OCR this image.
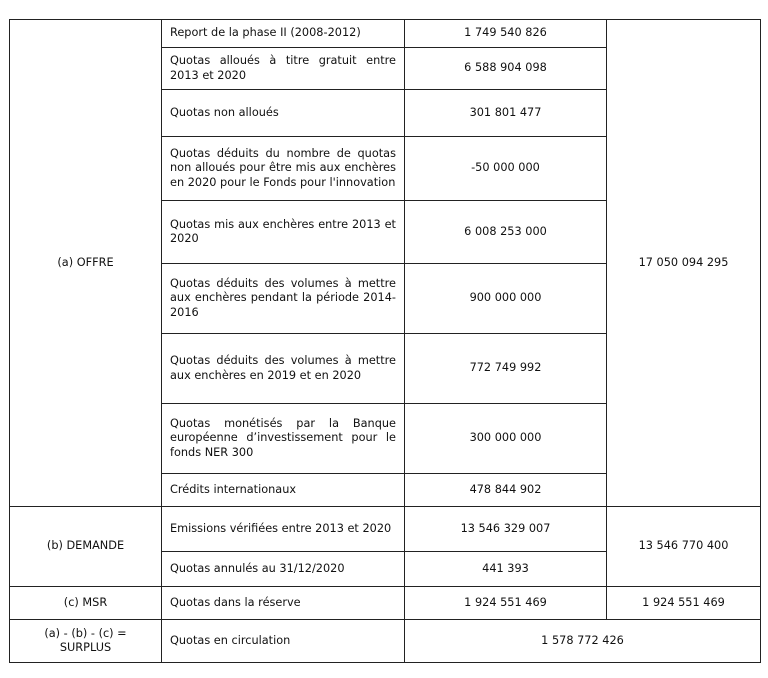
(a) OFFRE	Report de la phase II (2008-2012)	1 749 540 826	17 050 094 295
	Quotas alloués à titre gratuit entre 2013 et 2020	6 588 904 098	
	Quotas non alloués	301 801 477	
	Quotas déduits du nombre de quotas non alloués pour être mis aux enchères en 2020 pour le Fonds pour l'innovation	-50 000 000	
	Quotas mis aux enchères entre 2013 et 2020	6 008 253 000	
	Quotas déduits des volumes à mettre aux enchères pendant la période 2014-2016	900 000 000	
	Quotas déduits des volumes à mettre aux enchères en 2019 et en 2020	772 749 992	
	Quotas monétisés par la Banque européenne d’investissement pour le fonds NER 300	300 000 000	
	Crédits internationaux	478 844 902	
(b) DEMANDE	Emissions vérifiées entre 2013 et 2020	13 546 329 007	13 546 770 400
	Quotas annulés au 31/12/2020	441 393	
(c) MSR	Quotas dans la réserve	1 924 551 469	1 924 551 469
(a) - (b) - (c) = SURPLUS	Quotas en circulation	1 578 772 426	
